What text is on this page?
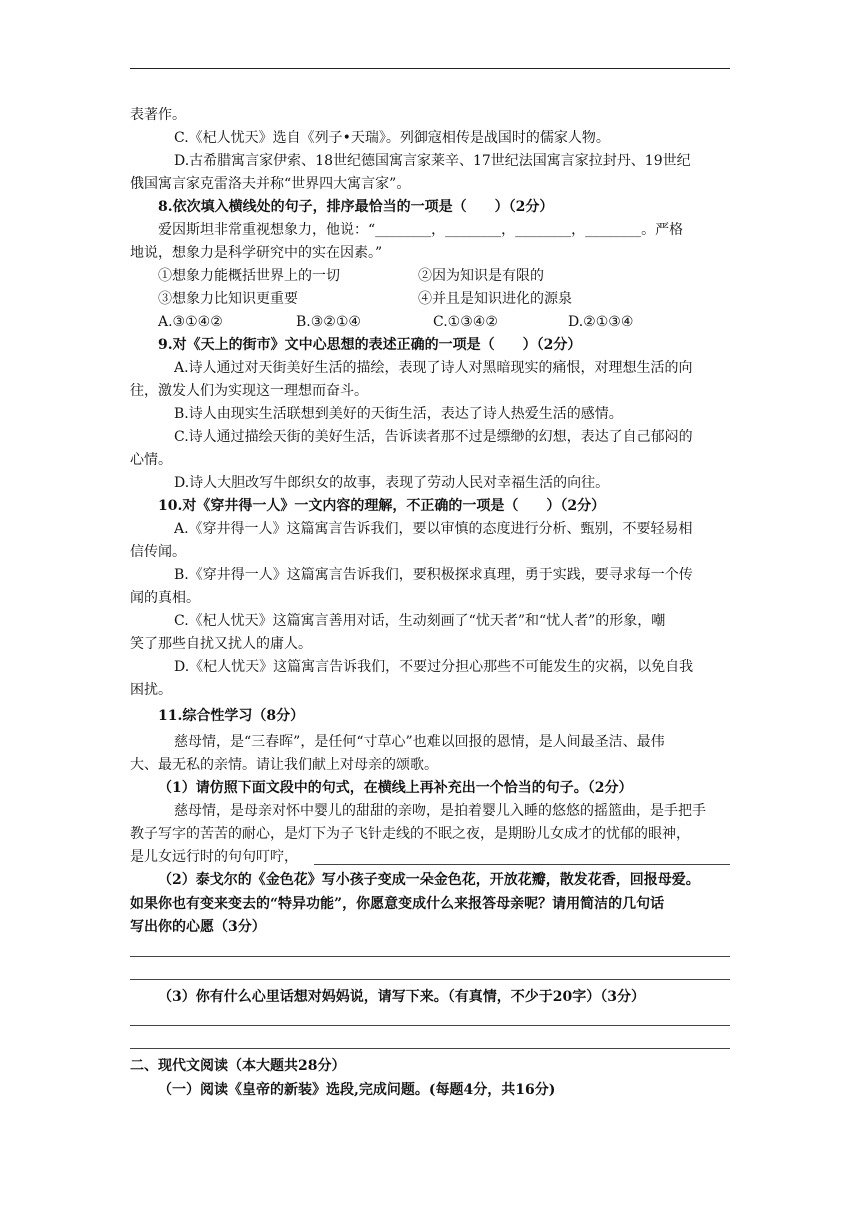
表著作。
C.《杞人忧天》选自《列子•天瑞》。列御寇相传是战国时的儒家人物。
D.古希腊寓言家伊索、18世纪德国寓言家莱辛、17世纪法国寓言家拉封丹、19世纪
俄国寓言家克雷洛夫并称“世界四大寓言家”。
8.依次填入横线处的句子，排序最恰当的一项是（　　）（2分）
爱因斯坦非常重视想象力，他说：“________，________，________，________。严格
地说，想象力是科学研究中的实在因素。”
①想象力能概括世界上的一切	②因为知识是有限的
③想象力比知识更重要	④并且是知识进化的源泉
A.③①④②	B.③②①④	C.①③④②	D.②①③④
9.对《天上的街市》文中心思想的表述正确的一项是（　　）（2分）
A.诗人通过对天街美好生活的描绘，表现了诗人对黑暗现实的痛恨，对理想生活的向
往，激发人们为实现这一理想而奋斗。
B.诗人由现实生活联想到美好的天街生活，表达了诗人热爱生活的感情。
C.诗人通过描绘天街的美好生活，告诉读者那不过是缥缈的幻想，表达了自己郁闷的
心情。
D.诗人大胆改写牛郎织女的故事，表现了劳动人民对幸福生活的向往。
10.对《穿井得一人》一文内容的理解，不正确的一项是（　　）（2分）
A.《穿井得一人》这篇寓言告诉我们，要以审慎的态度进行分析、甄别，不要轻易相
信传闻。
B.《穿井得一人》这篇寓言告诉我们，要积极探求真理，勇于实践，要寻求每一个传
闻的真相。
C.《杞人忧天》这篇寓言善用对话，生动刻画了“忧天者”和“忧人者”的形象，嘲
笑了那些自扰又扰人的庸人。
D.《杞人忧天》这篇寓言告诉我们，不要过分担心那些不可能发生的灾祸，以免自我
困扰。
11.综合性学习（8分）
慈母情，是“三春晖”，是任何“寸草心”也难以回报的恩情，是人间最圣洁、最伟
大、最无私的亲情。请让我们献上对母亲的颂歌。
（1）请仿照下面文段中的句式，在横线上再补充出一个恰当的句子。（2分）
慈母情，是母亲对怀中婴儿的甜甜的亲吻，是拍着婴儿入睡的悠悠的摇篮曲，是手把手
教子写字的苦苦的耐心，是灯下为子飞针走线的不眠之夜，是期盼儿女成才的忧郁的眼神，
是儿女远行时的句句叮咛，
（2）泰戈尔的《金色花》写小孩子变成一朵金色花，开放花瓣，散发花香，回报母爱。
如果你也有变来变去的“特异功能”，你愿意变成什么来报答母亲呢？请用简洁的几句话
写出你的心愿（3分）
（3）你有什么心里话想对妈妈说，请写下来。（有真情，不少于20字）（3分）
二、现代文阅读（本大题共28分）
（一）阅读《皇帝的新装》选段,完成问题。(每题4分，共16分)
